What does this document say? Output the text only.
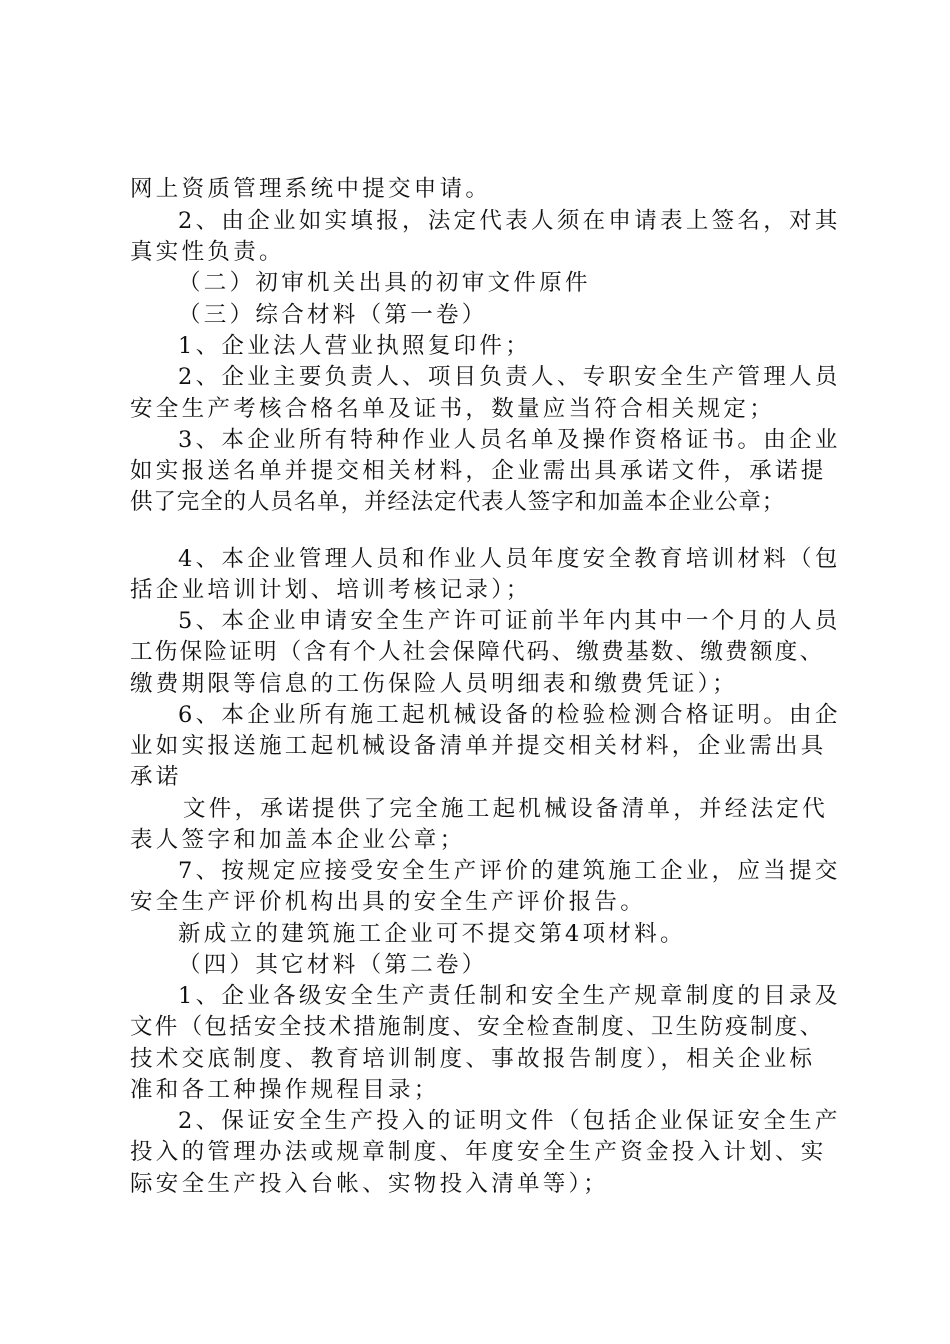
网上资质管理系统中提交申请。

2、由企业如实填报，法定代表人须在申请表上签名，对其

真实性负责。

（二）初审机关出具的初审文件原件

（三）综合材料（第一卷）

1、企业法人营业执照复印件；

2、企业主要负责人、项目负责人、专职安全生产管理人员

安全生产考核合格名单及证书，数量应当符合相关规定；

3、本企业所有特种作业人员名单及操作资格证书。由企业

如实报送名单并提交相关材料，企业需出具承诺文件，承诺提

供了完全的人员名单，并经法定代表人签字和加盖本企业公章；

4、本企业管理人员和作业人员年度安全教育培训材料（包

括企业培训计划、培训考核记录）；

5、本企业申请安全生产许可证前半年内其中一个月的人员

工伤保险证明（含有个人社会保障代码、缴费基数、缴费额度、

缴费期限等信息的工伤保险人员明细表和缴费凭证）；

6、本企业所有施工起机械设备的检验检测合格证明。由企

业如实报送施工起机械设备清单并提交相关材料，企业需出具

承诺

文件，承诺提供了完全施工起机械设备清单，并经法定代

表人签字和加盖本企业公章；

7、按规定应接受安全生产评价的建筑施工企业，应当提交

安全生产评价机构出具的安全生产评价报告。

新成立的建筑施工企业可不提交第4项材料。

（四）其它材料（第二卷）

1、企业各级安全生产责任制和安全生产规章制度的目录及

文件（包括安全技术措施制度、安全检查制度、卫生防疫制度、

技术交底制度、教育培训制度、事故报告制度），相关企业标

准和各工种操作规程目录；

2、保证安全生产投入的证明文件（包括企业保证安全生产

投入的管理办法或规章制度、年度安全生产资金投入计划、实

际安全生产投入台帐、实物投入清单等）；
